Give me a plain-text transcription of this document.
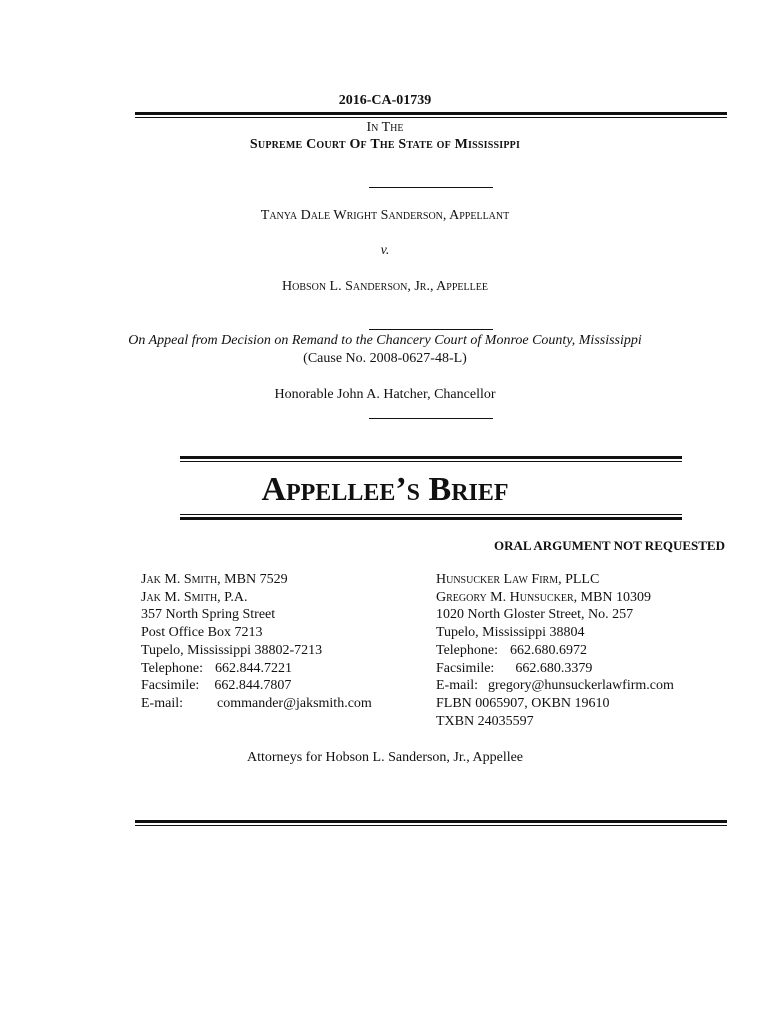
2016-CA-01739
In The
Supreme Court Of The State of Mississippi
Tanya Dale Wright Sanderson, Appellant
v.
Hobson L. Sanderson, Jr., Appellee
On Appeal from Decision on Remand to the Chancery Court of Monroe County, Mississippi
(Cause No. 2008-0627-48-L)
Honorable John A. Hatcher, Chancellor
Appellee’s Brief
ORAL ARGUMENT NOT REQUESTED
Jak M. Smith, MBN 7529
Jak M. Smith, P.A.
357 North Spring Street
Post Office Box 7213
Tupelo, Mississippi 38802-7213
Telephone: 662.844.7221
Facsimile: 662.844.7807
E-mail: commander@jaksmith.com
Hunsucker Law Firm, PLLC
Gregory M. Hunsucker, MBN 10309
1020 North Gloster Street, No. 257
Tupelo, Mississippi 38804
Telephone: 662.680.6972
Facsimile: 662.680.3379
E-mail: gregory@hunsuckerlawfirm.com
FLBN 0065907, OKBN 19610
TXBN 24035597
Attorneys for Hobson L. Sanderson, Jr., Appellee
